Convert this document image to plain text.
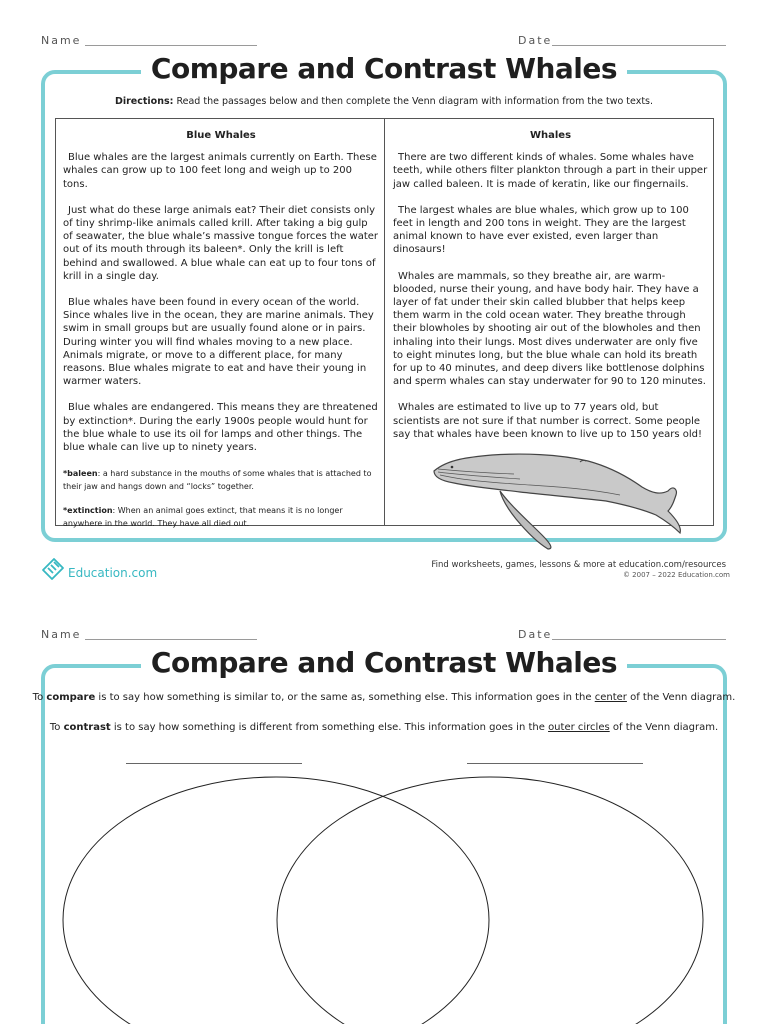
Name	Date
Compare and Contrast Whales
Directions: Read the passages below and then complete the Venn diagram with information from the two texts.
Blue Whales

Blue whales are the largest animals currently on Earth. These whales can grow up to 100 feet long and weigh up to 200 tons.

Just what do these large animals eat? Their diet consists only of tiny shrimp-like animals called krill. After taking a big gulp of seawater, the blue whale’s massive tongue forces the water out of its mouth through its baleen*. Only the krill is left behind and swallowed. A blue whale can eat up to four tons of krill in a single day.

Blue whales have been found in every ocean of the world. Since whales live in the ocean, they are marine animals. They swim in small groups but are usually found alone or in pairs. During winter you will find whales moving to a new place. Animals migrate, or move to a different place, for many reasons. Blue whales migrate to eat and have their young in warmer waters.

Blue whales are endangered. This means they are threatened by extinction*. During the early 1900s people would hunt for the blue whale to use its oil for lamps and other things. The blue whale can live up to ninety years.

*baleen: a hard substance in the mouths of some whales that is attached to their jaw and hangs down and “locks” together.

*extinction: When an animal goes extinct, that means it is no longer anywhere in the world. They have all died out.

Whales

There are two different kinds of whales. Some whales have teeth, while others filter plankton through a part in their upper jaw called baleen. It is made of keratin, like our fingernails.

The largest whales are blue whales, which grow up to 100 feet in length and 200 tons in weight. They are the largest animal known to have ever existed, even larger than dinosaurs!

Whales are mammals, so they breathe air, are warm-blooded, nurse their young, and have body hair. They have a layer of fat under their skin called blubber that helps keep them warm in the cold ocean water. They breathe through their blowholes by shooting air out of the blowholes and then inhaling into their lungs. Most dives underwater are only five to eight minutes long, but the blue whale can hold its breath for up to 40 minutes, and deep divers like bottlenose dolphins and sperm whales can stay underwater for 90 to 120 minutes.

Whales are estimated to live up to 77 years old, but scientists are not sure if that number is correct. Some people say that whales have been known to live up to 150 years old!

Education.com
Find worksheets, games, lessons & more at education.com/resources
© 2007 – 2022 Education.com
Name	Date
Compare and Contrast Whales
To compare is to say how something is similar to, or the same as, something else. This information goes in the center of the Venn diagram.
To contrast is to say how something is different from something else. This information goes in the outer circles of the Venn diagram.
